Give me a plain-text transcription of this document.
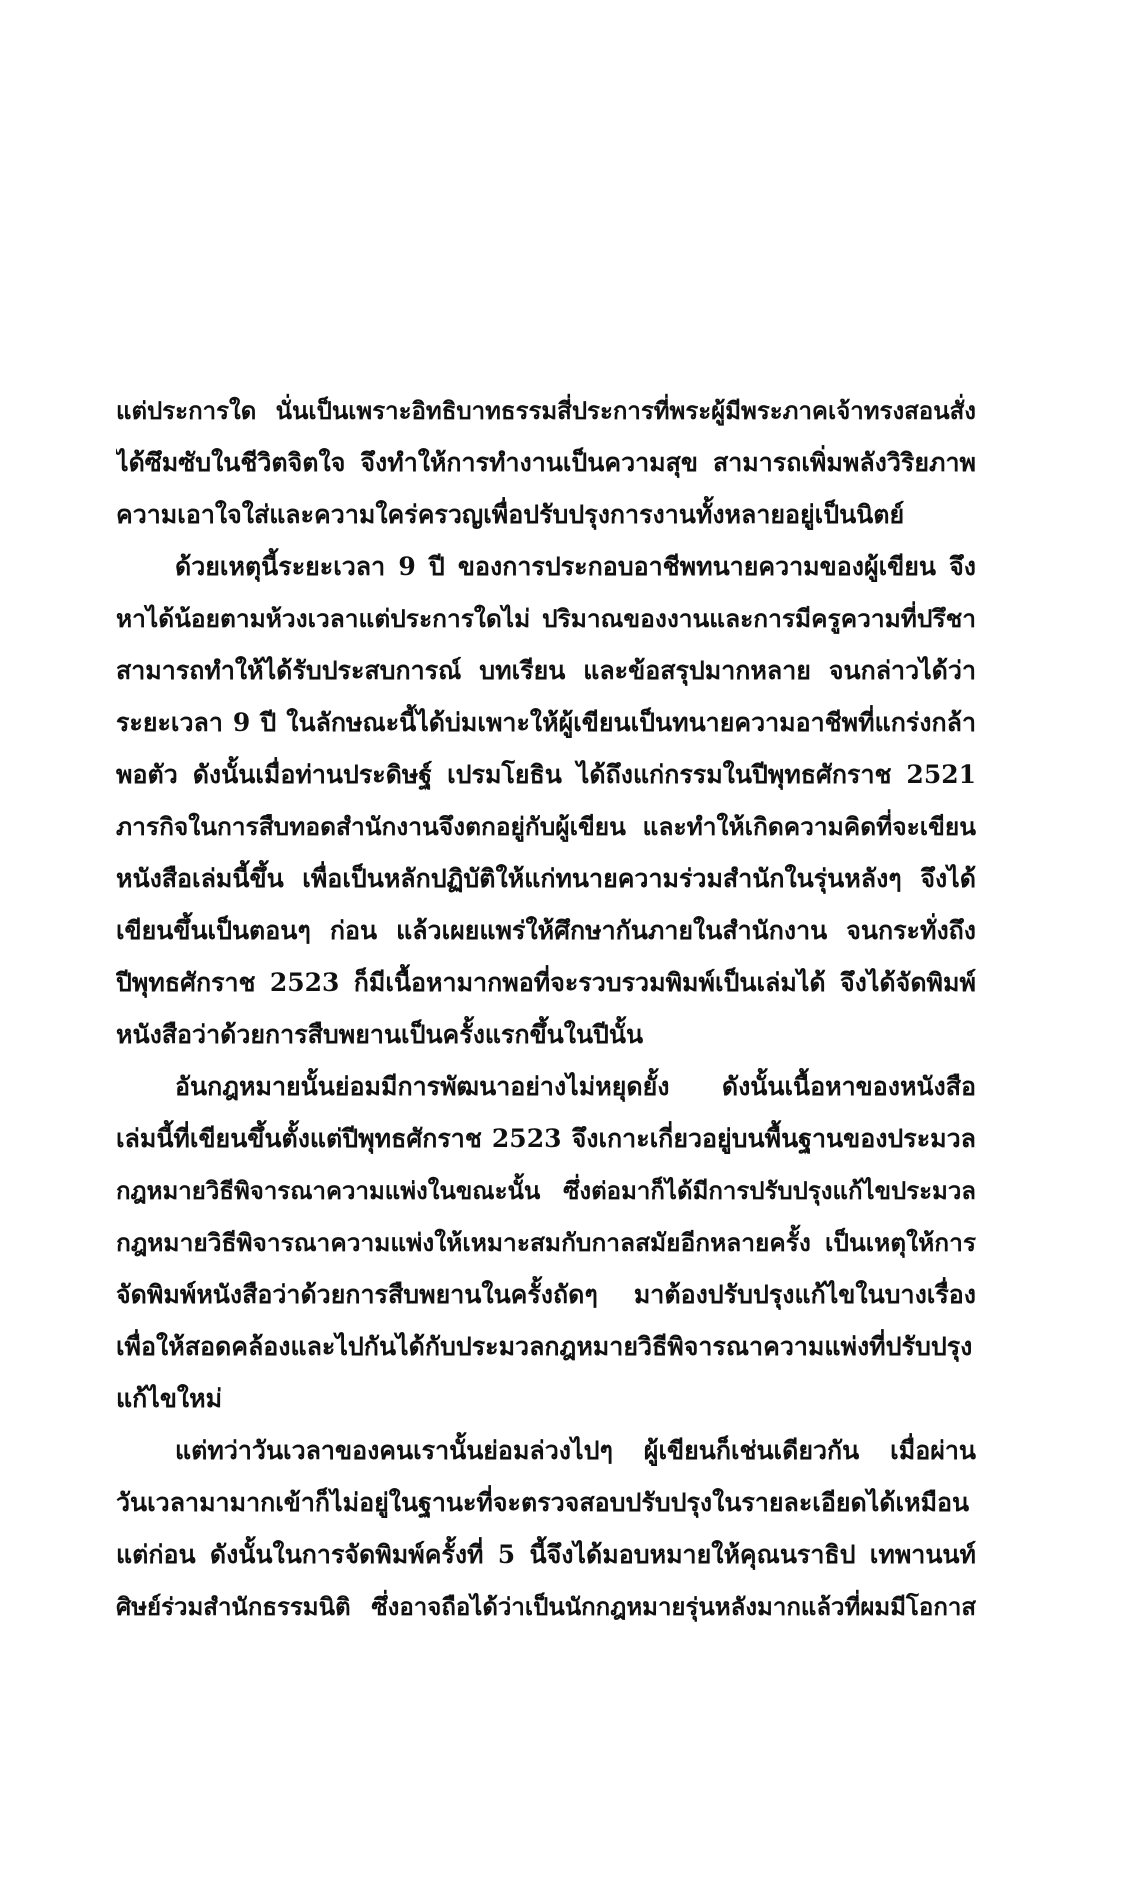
แต่ประการใด นั่นเป็นเพราะอิทธิบาทธรรมสี่ประการที่พระผู้มีพระภาคเจ้าทรงสอนสั่ง
ได้ซึมซับในชีวิตจิตใจ จึงทำให้การทำงานเป็นความสุข สามารถเพิ่มพลังวิริยภาพ
ความเอาใจใส่และความใคร่ครวญเพื่อปรับปรุงการงานทั้งหลายอยู่เป็นนิตย์
ด้วยเหตุนี้ระยะเวลา 9 ปี ของการประกอบอาชีพทนายความของผู้เขียน จึง
หาได้น้อยตามห้วงเวลาแต่ประการใดไม่ ปริมาณของงานและการมีครูความที่ปรึชา
สามารถทำให้ได้รับประสบการณ์ บทเรียน และข้อสรุปมากหลาย จนกล่าวได้ว่า
ระยะเวลา 9 ปี ในลักษณะนี้ได้บ่มเพาะให้ผู้เขียนเป็นทนายความอาชีพที่แกร่งกล้า
พอตัว ดังนั้นเมื่อท่านประดิษฐ์ เปรมโยธิน ได้ถึงแก่กรรมในปีพุทธศักราช 2521
ภารกิจในการสืบทอดสำนักงานจึงตกอยู่กับผู้เขียน และทำให้เกิดความคิดที่จะเขียน
หนังสือเล่มนี้ขึ้น เพื่อเป็นหลักปฏิบัติให้แก่ทนายความร่วมสำนักในรุ่นหลังๆ จึงได้
เขียนขึ้นเป็นตอนๆ ก่อน แล้วเผยแพร่ให้ศึกษากันภายในสำนักงาน จนกระทั่งถึง
ปีพุทธศักราช 2523 ก็มีเนื้อหามากพอที่จะรวบรวมพิมพ์เป็นเล่มได้ จึงได้จัดพิมพ์
หนังสือว่าด้วยการสืบพยานเป็นครั้งแรกขึ้นในปีนั้น
อันกฎหมายนั้นย่อมมีการพัฒนาอย่างไม่หยุดยั้ง ดังนั้นเนื้อหาของหนังสือ
เล่มนี้ที่เขียนขึ้นตั้งแต่ปีพุทธศักราช 2523 จึงเกาะเกี่ยวอยู่บนพื้นฐานของประมวล
กฎหมายวิธีพิจารณาความแพ่งในขณะนั้น ซึ่งต่อมาก็ได้มีการปรับปรุงแก้ไขประมวล
กฎหมายวิธีพิจารณาความแพ่งให้เหมาะสมกับกาลสมัยอีกหลายครั้ง เป็นเหตุให้การ
จัดพิมพ์หนังสือว่าด้วยการสืบพยานในครั้งถัดๆ มาต้องปรับปรุงแก้ไขในบางเรื่อง
เพื่อให้สอดคล้องและไปกันได้กับประมวลกฎหมายวิธีพิจารณาความแพ่งที่ปรับปรุง
แก้ไขใหม่
แต่ทว่าวันเวลาของคนเรานั้นย่อมล่วงไปๆ ผู้เขียนก็เช่นเดียวกัน เมื่อผ่าน
วันเวลามามากเข้าก็ไม่อยู่ในฐานะที่จะตรวจสอบปรับปรุงในรายละเอียดได้เหมือน
แต่ก่อน ดังนั้นในการจัดพิมพ์ครั้งที่ 5 นี้จึงได้มอบหมายให้คุณนราธิป เทพานนท์
ศิษย์ร่วมสำนักธรรมนิติ ซึ่งอาจถือได้ว่าเป็นนักกฎหมายรุ่นหลังมากแล้วที่ผมมีโอกาส
